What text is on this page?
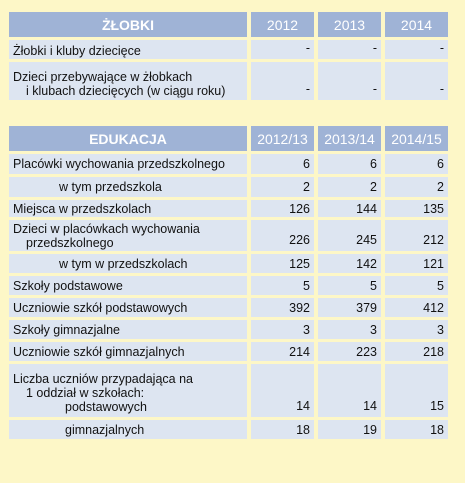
ŻŁOBKI	2012	2013	2014
Żłobki i kluby dziecięce	-	-	-
Dzieci przebywające w żłobkach
i klubach dziecięcych (w ciągu roku)	-	-	-
EDUKACJA	2012/13	2013/14	2014/15
Placówki wychowania przedszkolnego	6	6	6
w tym przedszkola	2	2	2
Miejsca w przedszkolach	126	144	135
Dzieci w placówkach wychowania
przedszkolnego	226	245	212
w tym w przedszkolach	125	142	121
Szkoły podstawowe	5	5	5
Uczniowie szkół podstawowych	392	379	412
Szkoły gimnazjalne	3	3	3
Uczniowie szkół gimnazjalnych	214	223	218
Liczba uczniów przypadająca na
1 oddział w szkołach:
podstawowych	14	14	15
gimnazjalnych	18	19	18
